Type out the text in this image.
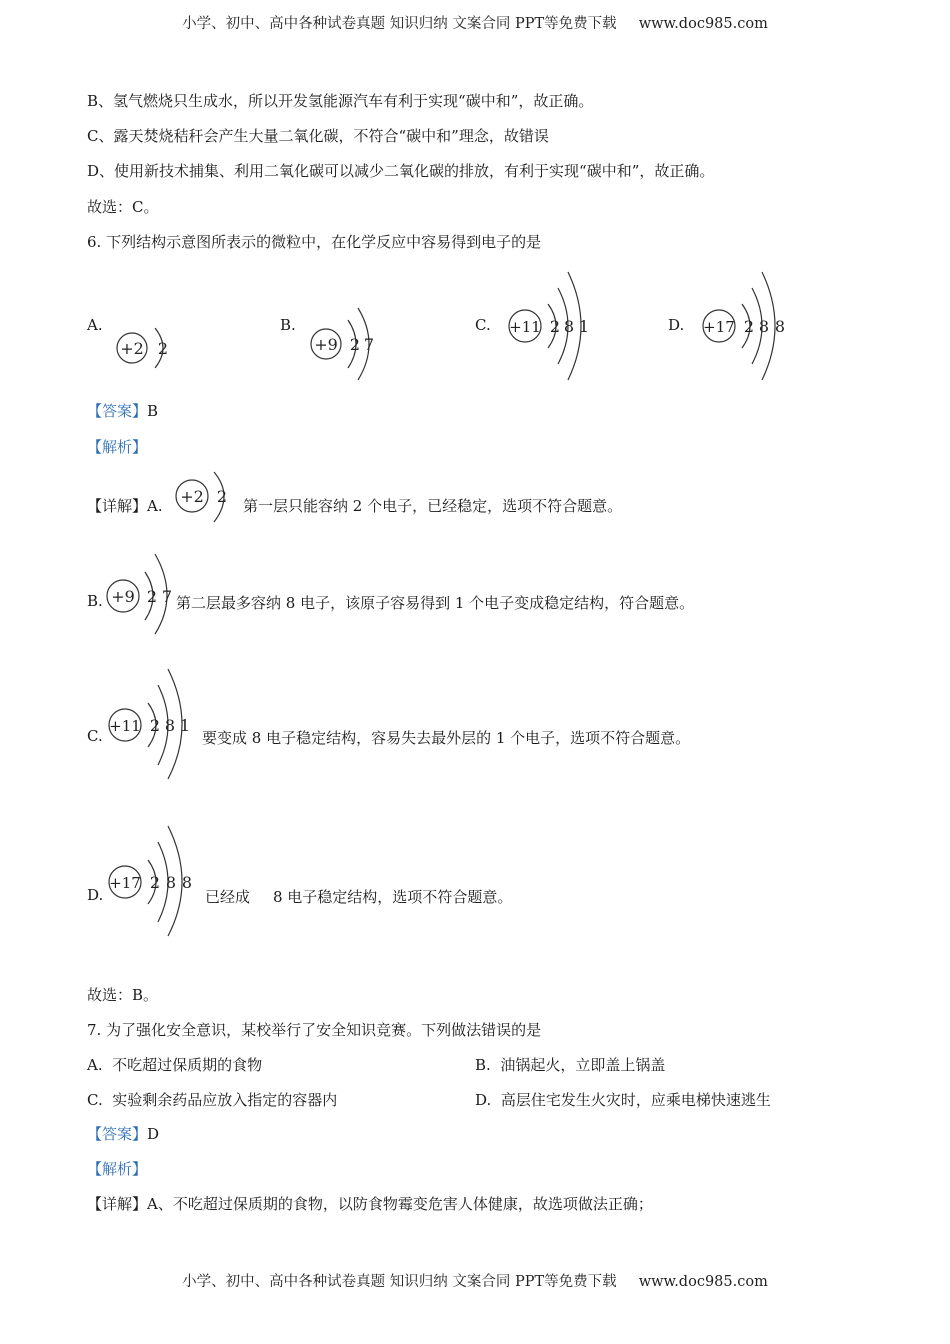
小学、初中、高中各种试卷真题 知识归纳 文案合同 PPT等免费下载 www.doc985.com
B、氢气燃烧只生成水，所以开发氢能源汽车有利于实现“碳中和”，故正确。
C、露天焚烧秸秆会产生大量二氧化碳，不符合“碳中和”理念，故错误
D、使用新技术捕集、利用二氧化碳可以减少二氧化碳的排放，有利于实现“碳中和”，故正确。
故选：C。
6. 下列结构示意图所表示的微粒中，在化学反应中容易得到电子的是
A.
+2 2
B.
+9 2 7
C. +11 2 8 1	D. +17 2 8 8
【答案】B
【解析】
【详解】A. +2 2 第一层只能容纳 2 个电子，已经稳定，选项不符合题意。
B. +9 2 7 第二层最多容纳 8 电子，该原子容易得到 1 个电子变成稳定结构，符合题意。
C.
+11 2 8 1
要变成 8 电子稳定结构，容易失去最外层的 1 个电子，选项不符合题意。
D.
+17 2 8 8
已经成 8 电子稳定结构，选项不符合题意。
故选：B。
7. 为了强化安全意识，某校举行了安全知识竞赛。下列做法错误的是
A. 不吃超过保质期的食物	B. 油锅起火，立即盖上锅盖
C. 实验剩余药品应放入指定的容器内	D. 高层住宅发生火灾时，应乘电梯快速逃生
【答案】D
【解析】
【详解】A、不吃超过保质期的食物，以防食物霉变危害人体健康，故选项做法正确；
小学、初中、高中各种试卷真题 知识归纳 文案合同 PPT等免费下载 www.doc985.com
